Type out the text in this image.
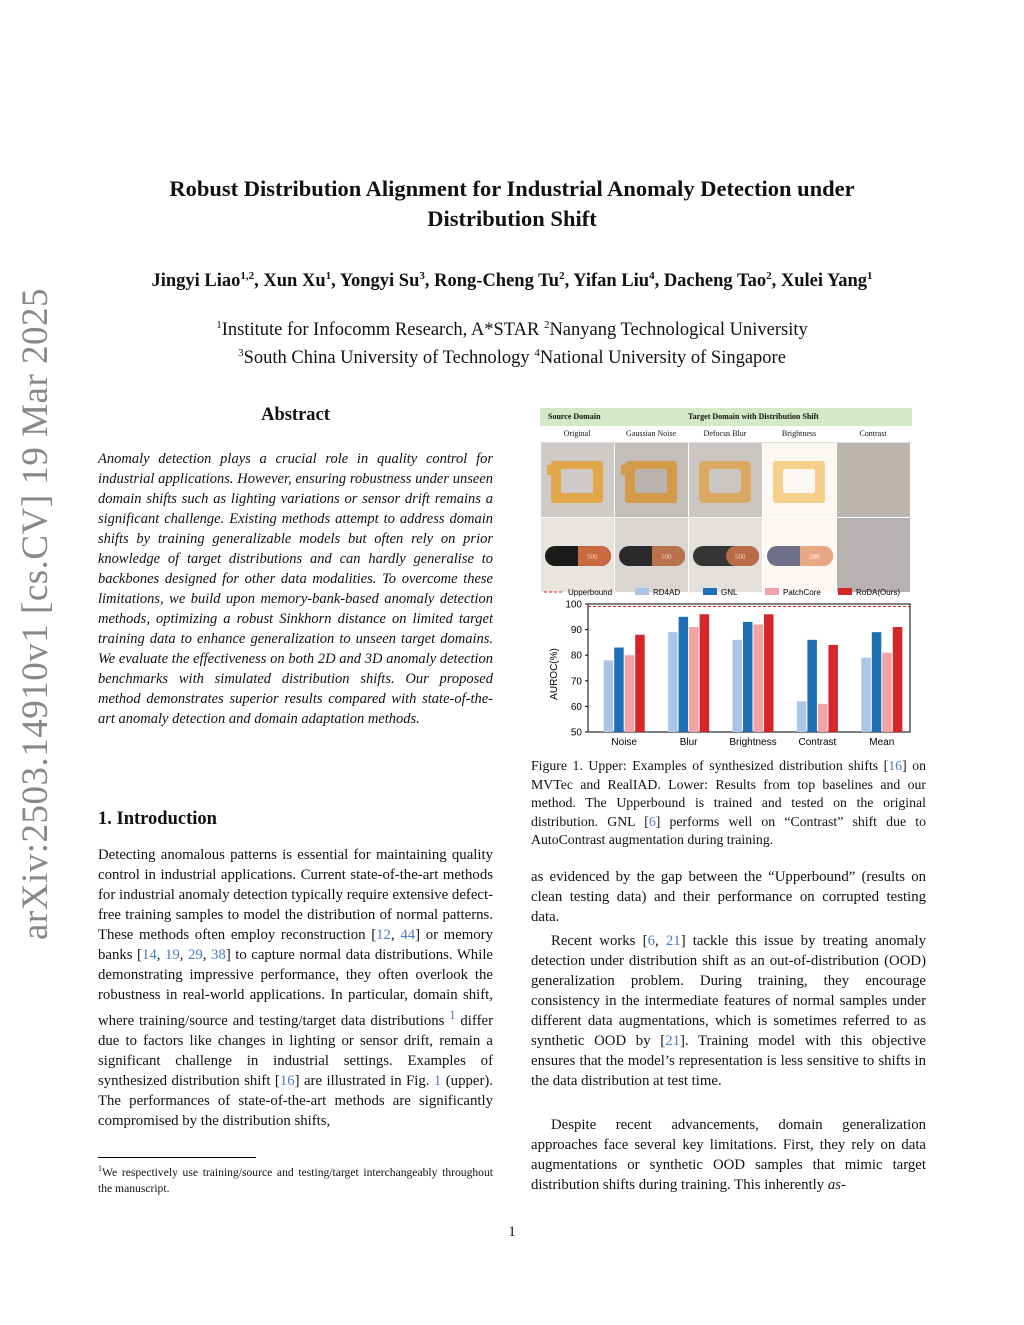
arXiv:2503.14910v1 [cs.CV] 19 Mar 2025
Robust Distribution Alignment for Industrial Anomaly Detection under
Distribution Shift
Jingyi Liao$^{1,2}$, Xun Xu$^1$, Yongyi Su$^3$, Rong-Cheng Tu$^2$, Yifan Liu$^4$, Dacheng Tao$^2$, Xulei Yang$^1$
$^1$Institute for Infocomm Research, A*STAR $^2$Nanyang Technological University
$^3$South China University of Technology $^4$National University of Singapore
Abstract
Anomaly detection plays a crucial role in quality control for industrial applications. However, ensuring robustness under unseen domain shifts such as lighting variations or sensor drift remains a significant challenge. Existing methods attempt to address domain shifts by training generalizable models but often rely on prior knowledge of target distributions and can hardly generalise to backbones designed for other data modalities. To overcome these limitations, we build upon memory-bank-based anomaly detection methods, optimizing a robust Sinkhorn distance on limited target training data to enhance generalization to unseen target domains. We evaluate the effectiveness on both 2D and 3D anomaly detection benchmarks with simulated distribution shifts. Our proposed method demonstrates superior results compared with state-of-the-art anomaly detection and domain adaptation methods.
1. Introduction
Detecting anomalous patterns is essential for maintaining quality control in industrial applications. Current state-of-the-art methods for industrial anomaly detection typically require extensive defect-free training samples to model the distribution of normal patterns. These methods often employ reconstruction [12, 44] or memory banks [14, 19, 29, 38] to capture normal data distributions. While demonstrating impressive performance, they often overlook the robustness in real-world applications. In particular, domain shift, where training/source and testing/target data distributions $^1$ differ due to factors like changes in lighting or sensor drift, remain a significant challenge in industrial settings. Examples of synthesized distribution shift [16] are illustrated in Fig. 1 (upper). The performances of state-of-the-art methods are significantly compromised by the distribution shifts,
$^1$We respectively use training/source and testing/target interchangeably throughout the manuscript.
1
Source Domain	Target Domain with Distribution Shift
Original	Gaussian Noise	Defocus Blur	Brightness	Contrast
500	500	500	500
Upperbound	RD4AD	GNL	PatchCore	RoDA(Ours)
50
60
70
80
90
100
AUROC(%)
Noise	Blur	Brightness Contrast	Mean
Figure 1. Upper: Examples of synthesized distribution shifts [16] on MVTec and RealIAD. Lower: Results from top baselines and our method. The Upperbound is trained and tested on the original distribution. GNL [6] performs well on “Contrast” shift due to AutoContrast augmentation during training.
as evidenced by the gap between the “Upperbound” (results on clean testing data) and their performance on corrupted testing data.
Recent works [6, 21] tackle this issue by treating anomaly detection under distribution shift as an out-of-distribution (OOD) generalization problem. During training, they encourage consistency in the intermediate features of normal samples under different data augmentations, which is sometimes referred to as synthetic OOD by [21]. Training model with this objective ensures that the model’s representation is less sensitive to shifts in the data distribution at test time.
Despite recent advancements, domain generalization approaches face several key limitations. First, they rely on data augmentations or synthetic OOD samples that mimic target distribution shifts during training. This inherently as-
